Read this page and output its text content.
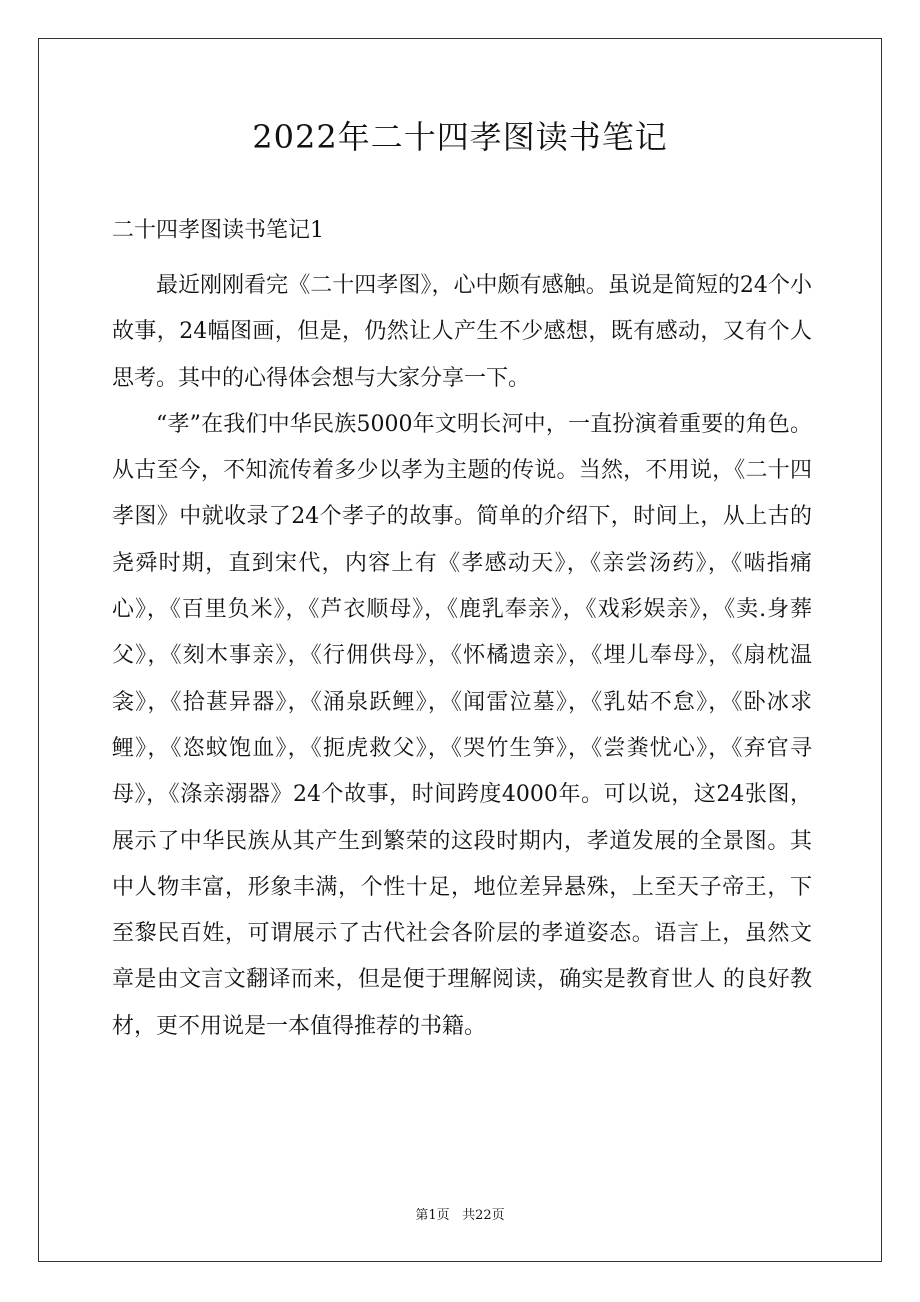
2022年二十四孝图读书笔记
二十四孝图读书笔记1

最近刚刚看完《二十四孝图》，心中颇有感触。虽说是简短的24个小故事，24幅图画，但是，仍然让人产生不少感想，既有感动，又有个人思考。其中的心得体会想与大家分享一下。

“孝”在我们中华民族5000年文明长河中，一直扮演着重要的角色。从古至今，不知流传着多少以孝为主题的传说。当然，不用说，《二十四孝图》中就收录了24个孝子的故事。简单的介绍下，时间上，从上古的尧舜时期，直到宋代，内容上有《孝感动天》，《亲尝汤药》，《啮指痛心》，《百里负米》，《芦衣顺母》，《鹿乳奉亲》，《戏彩娱亲》，《卖.身葬父》，《刻木事亲》，《行佣供母》，《怀橘遗亲》，《埋儿奉母》，《扇枕温衾》，《拾葚异器》，《涌泉跃鲤》，《闻雷泣墓》，《乳姑不怠》，《卧冰求鲤》，《恣蚊饱血》，《扼虎救父》，《哭竹生笋》，《尝粪忧心》，《弃官寻母》，《涤亲溺器》24个故事，时间跨度4000年。可以说，这24张图，展示了中华民族从其产生到繁荣的这段时期内，孝道发展的全景图。其中人物丰富，形象丰满，个性十足，地位差异悬殊，上至天子帝王，下至黎民百姓，可谓展示了古代社会各阶层的孝道姿态。语言上，虽然文章是由文言文翻译而来，但是便于理解阅读，确实是教育世人 的良好教材，更不用说是一本值得推荐的书籍。

第1页 共22页
